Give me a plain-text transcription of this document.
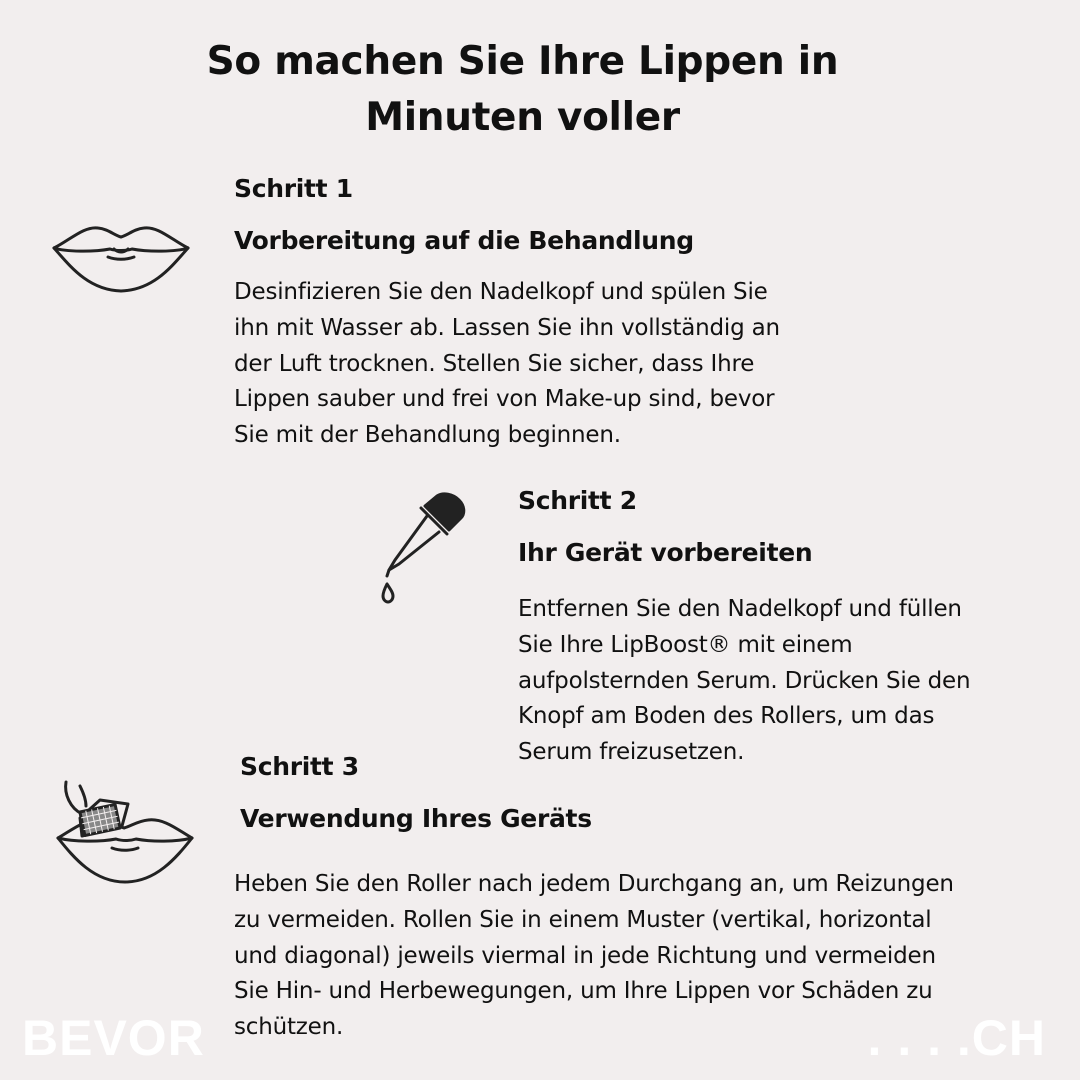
So machen Sie Ihre Lippen in
Minuten voller
Schritt 1
Vorbereitung auf die Behandlung
Desinfizieren Sie den Nadelkopf und spülen Sie
ihn mit Wasser ab. Lassen Sie ihn vollständig an
der Luft trocknen. Stellen Sie sicher, dass Ihre
Lippen sauber und frei von Make-up sind, bevor
Sie mit der Behandlung beginnen.
Schritt 2
Ihr Gerät vorbereiten
Entfernen Sie den Nadelkopf und füllen
Sie Ihre LipBoost® mit einem
aufpolsternden Serum. Drücken Sie den
Knopf am Boden des Rollers, um das
Serum freizusetzen.
Schritt 3
Verwendung Ihres Geräts
Heben Sie den Roller nach jedem Durchgang an, um Reizungen
zu vermeiden. Rollen Sie in einem Muster (vertikal, horizontal
und diagonal) jeweils viermal in jede Richtung und vermeiden
Sie Hin- und Herbewegungen, um Ihre Lippen vor Schäden zu
schützen.
BEVOR	. . . .CH
